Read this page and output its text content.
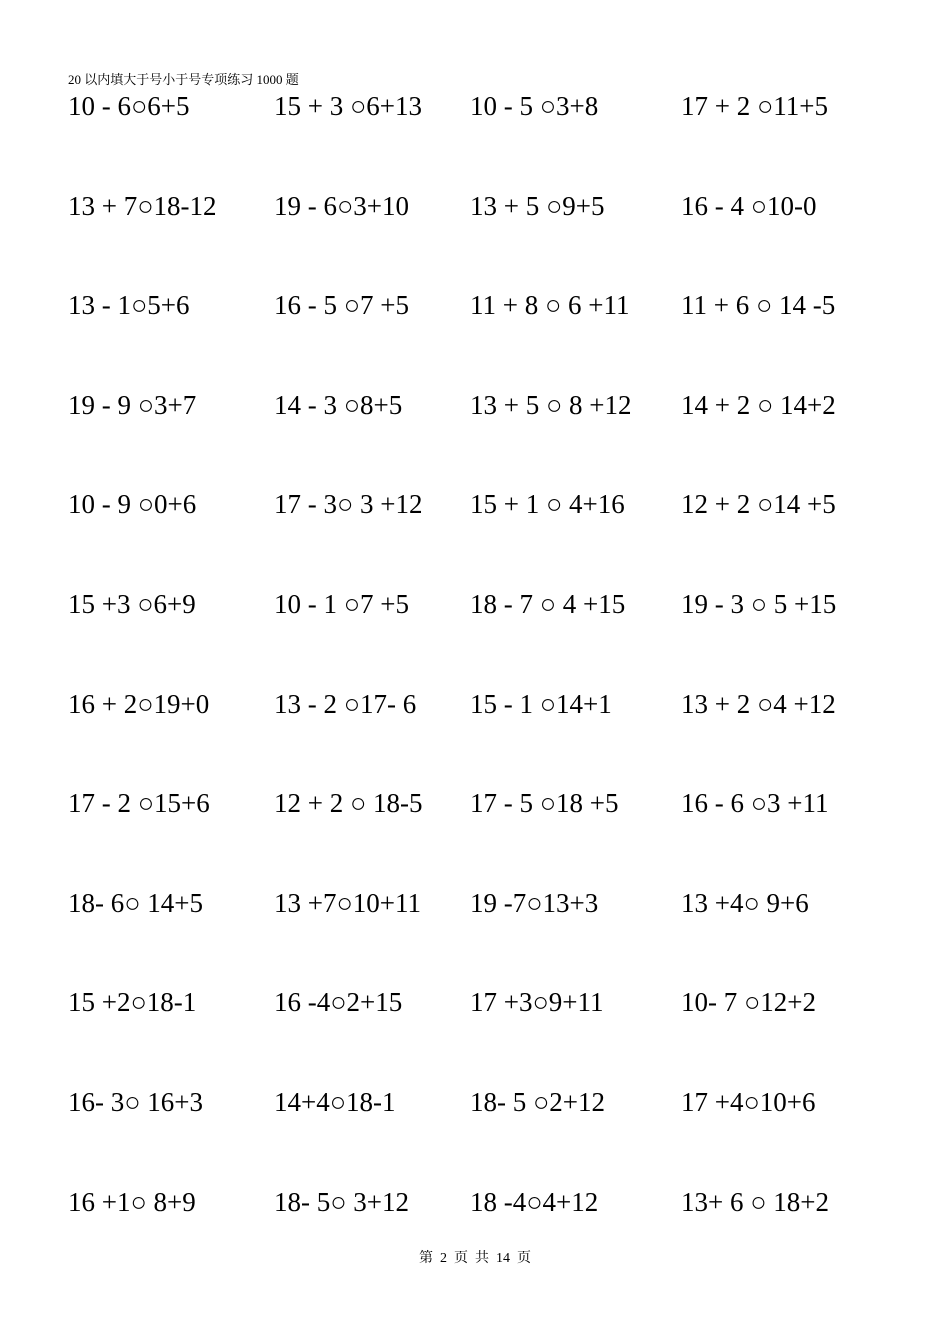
20 以内填大于号小于号专项练习 1000 题
10 - 6○6+5	15 + 3 ○6+13	10 - 5 ○3+8	17 + 2 ○11+5
13 + 7○18-12	19 - 6○3+10	13 + 5 ○9+5	16 - 4 ○10-0
13 - 1○5+6	16 - 5 ○7 +5	11 + 8 ○ 6 +11	11 + 6 ○ 14 -5
19 - 9 ○3+7	14 - 3 ○8+5	13 + 5 ○ 8 +12	14 + 2 ○ 14+2
10 - 9 ○0+6	17 - 3○ 3 +12	15 + 1 ○ 4+16	12 + 2 ○14 +5
15 +3 ○6+9	10 - 1 ○7 +5	18 - 7 ○ 4 +15	19 - 3 ○ 5 +15
16 + 2○19+0	13 - 2 ○17- 6	15 - 1 ○14+1	13 + 2 ○4 +12
17 - 2 ○15+6	12 + 2 ○ 18-5	17 - 5 ○18 +5	16 - 6 ○3 +11
18- 6○ 14+5	13 +7○10+11	19 -7○13+3	13 +4○ 9+6
15 +2○18-1	16 -4○2+15	17 +3○9+11	10- 7 ○12+2
16- 3○ 16+3	14+4○18-1	18- 5 ○2+12	17 +4○10+6
16 +1○ 8+9	18- 5○ 3+12	18 -4○4+12	13+ 6 ○ 18+2
第  2  页  共  14  页
